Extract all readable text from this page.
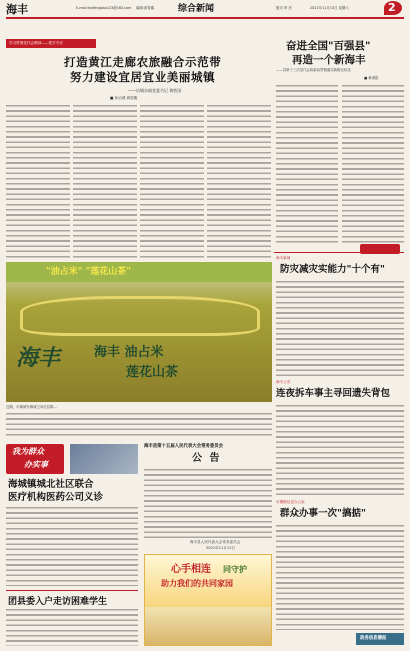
海丰	E-mail:haifengbao123@163.com 编辑:黄智鑫	综合新闻	版式:李 亮	2021年11月13日 星期六	2
学习贯彻党代会精神——把手专访
打造黄江走廊农旅融合示范带
努力建设宜居宜业美丽城镇
——访城东镇党委书记 黄胜国
■ 孙启城 黄智鑫
奋进全国"百强县"
再造一个新海丰
——县第十三次党代会给新局贯彻落实新路径综述
■ 黄秉铭
"油占米" "莲花山茶"
海丰	海丰 油占米
莲花山茶
近期，可揭城东海城卫冲后县陈…
我为群众
办实事
海城镇城北社区联合
医疗机构医药公司义诊
团县委入户走访困难学生
海丰县第十五届人民代表大会常务委员会
公 告
海丰县人民代表大会常务委员会
2021年11月12日
心手相连 同守护
助力我们的共同家园
海丰新闻
防灾减灾实能力"十个有"
海丰公安
连夜拆车事主寻回遗失背包
可塘镇信息办公室
群众办事一次"搞掂"
政务信息播报
